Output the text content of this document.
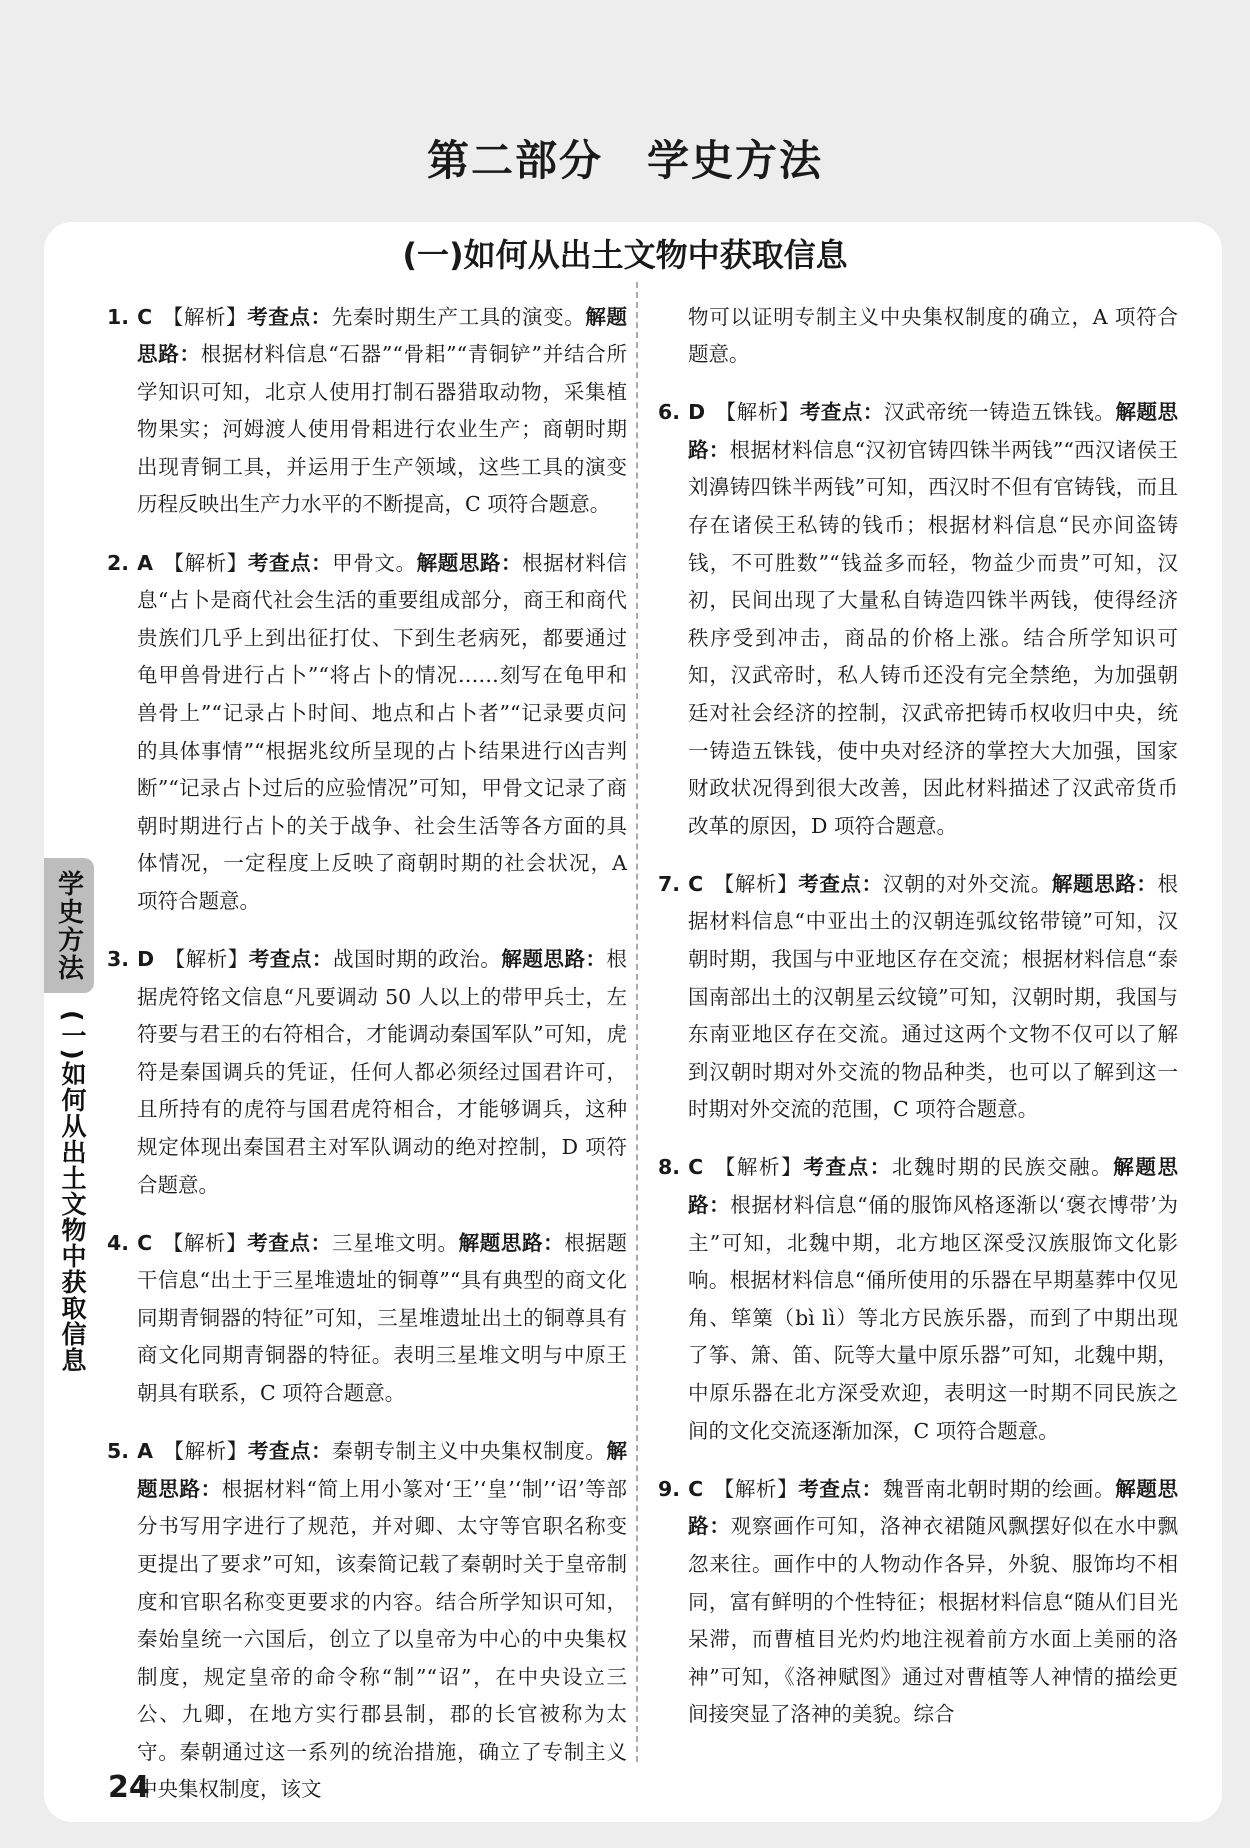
第二部分　学史方法
(一)如何从出土文物中获取信息
学史方法
(一)如何从出土文物中获取信息

1. C 【解析】考查点：先秦时期生产工具的演变。解题思路：根据材料信息“石器”“骨耜”“青铜铲”并结合所学知识可知，北京人使用打制石器猎取动物，采集植物果实；河姆渡人使用骨耜进行农业生产；商朝时期出现青铜工具，并运用于生产领域，这些工具的演变历程反映出生产力水平的不断提高，C 项符合题意。

2. A 【解析】考查点：甲骨文。解题思路：根据材料信息“占卜是商代社会生活的重要组成部分，商王和商代贵族们几乎上到出征打仗、下到生老病死，都要通过龟甲兽骨进行占卜”“将占卜的情况……刻写在龟甲和兽骨上”“记录占卜时间、地点和占卜者”“记录要贞问的具体事情”“根据兆纹所呈现的占卜结果进行凶吉判断”“记录占卜过后的应验情况”可知，甲骨文记录了商朝时期进行占卜的关于战争、社会生活等各方面的具体情况，一定程度上反映了商朝时期的社会状况，A 项符合题意。

3. D 【解析】考查点：战国时期的政治。解题思路：根据虎符铭文信息“凡要调动 50 人以上的带甲兵士，左符要与君王的右符相合，才能调动秦国军队”可知，虎符是秦国调兵的凭证，任何人都必须经过国君许可，且所持有的虎符与国君虎符相合，才能够调兵，这种规定体现出秦国君主对军队调动的绝对控制，D 项符合题意。

4. C 【解析】考查点：三星堆文明。解题思路：根据题干信息“出土于三星堆遗址的铜尊”“具有典型的商文化同期青铜器的特征”可知，三星堆遗址出土的铜尊具有商文化同期青铜器的特征。表明三星堆文明与中原王朝具有联系，C 项符合题意。

5. A 【解析】考查点：秦朝专制主义中央集权制度。解题思路：根据材料“简上用小篆对‘王’‘皇’‘制’‘诏’等部分书写用字进行了规范，并对卿、太守等官职名称变更提出了要求”可知，该秦简记载了秦朝时关于皇帝制度和官职名称变更要求的内容。结合所学知识可知，秦始皇统一六国后，创立了以皇帝为中心的中央集权制度，规定皇帝的命令称“制”“诏”，在中央设立三公、九卿，在地方实行郡县制，郡的长官被称为太守。秦朝通过这一系列的统治措施，确立了专制主义中央集权制度，该文

物可以证明专制主义中央集权制度的确立，A 项符合题意。

6. D 【解析】考查点：汉武帝统一铸造五铢钱。解题思路：根据材料信息“汉初官铸四铢半两钱”“西汉诸侯王刘濞铸四铢半两钱”可知，西汉时不但有官铸钱，而且存在诸侯王私铸的钱币；根据材料信息“民亦间盗铸钱，不可胜数”“钱益多而轻，物益少而贵”可知，汉初，民间出现了大量私自铸造四铢半两钱，使得经济秩序受到冲击，商品的价格上涨。结合所学知识可知，汉武帝时，私人铸币还没有完全禁绝，为加强朝廷对社会经济的控制，汉武帝把铸币权收归中央，统一铸造五铢钱，使中央对经济的掌控大大加强，国家财政状况得到很大改善，因此材料描述了汉武帝货币改革的原因，D 项符合题意。

7. C 【解析】考查点：汉朝的对外交流。解题思路：根据材料信息“中亚出土的汉朝连弧纹铭带镜”可知，汉朝时期，我国与中亚地区存在交流；根据材料信息“泰国南部出土的汉朝星云纹镜”可知，汉朝时期，我国与东南亚地区存在交流。通过这两个文物不仅可以了解到汉朝时期对外交流的物品种类，也可以了解到这一时期对外交流的范围，C 项符合题意。

8. C 【解析】考查点：北魏时期的民族交融。解题思路：根据材料信息“俑的服饰风格逐渐以‘褒衣博带’为主”可知，北魏中期，北方地区深受汉族服饰文化影响。根据材料信息“俑所使用的乐器在早期墓葬中仅见角、筚篥（bì lì）等北方民族乐器，而到了中期出现了筝、箫、笛、阮等大量中原乐器”可知，北魏中期，中原乐器在北方深受欢迎，表明这一时期不同民族之间的文化交流逐渐加深，C 项符合题意。

9. C 【解析】考查点：魏晋南北朝时期的绘画。解题思路：观察画作可知，洛神衣裙随风飘摆好似在水中飘忽来往。画作中的人物动作各异，外貌、服饰均不相同，富有鲜明的个性特征；根据材料信息“随从们目光呆滞，而曹植目光灼灼地注视着前方水面上美丽的洛神”可知，《洛神赋图》通过对曹植等人神情的描绘更间接突显了洛神的美貌。综合

24
